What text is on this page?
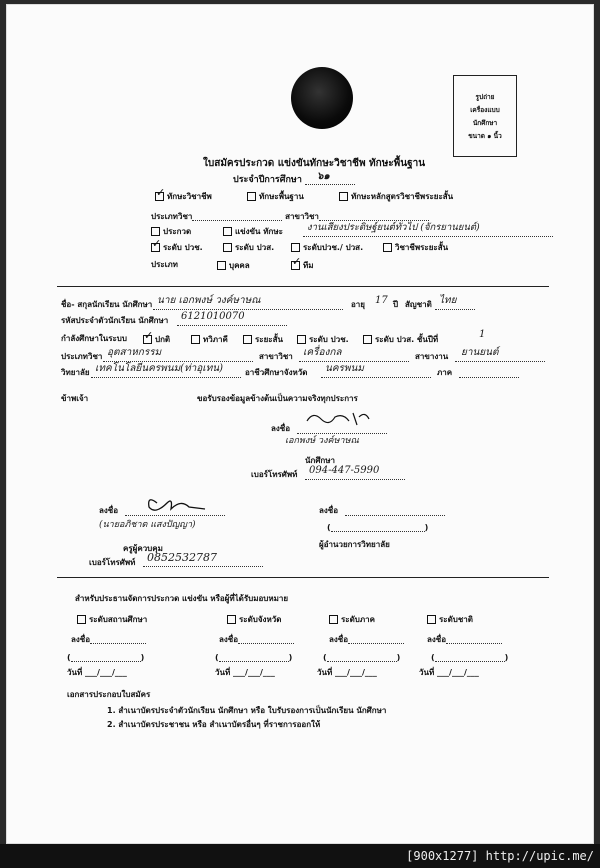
รูปถ่าย
เครื่องแบบ
นักศึกษา
ขนาด ๑ นิ้ว
ใบสมัครประกวด แข่งขันทักษะวิชาชีพ ทักษะพื้นฐาน
ประจำปีการศึกษา ๖๑
✓ทักษะวิชาชีพ	ทักษะพื้นฐาน	ทักษะหลักสูตรวิชาชีพระยะสั้น
ประเภทวิชา	สาขาวิชา
ประกวด	แข่งขัน ทักษะ	งานเสียงประดิษฐ์ยนต์ทั่วไป (จักรยานยนต์)
✓ระดับ ปวช.	ระดับ ปวส.	ระดับปวช./ ปวส.	วิชาชีพระยะสั้น
ประเภท	บุคคล ✓	ทีม
ชื่อ- สกุลนักเรียน นักศึกษา นาย เอกพงษ์ วงค์ษาษณ	อายุ 17 ปี สัญชาติ ไทย
รหัสประจำตัวนักเรียน นักศึกษา 6121010070
กำลังศึกษาในระบบ ✓	ปกติ	ทวิภาคี	ระยะสั้น	ระดับ ปวช.	ระดับ ปวส. ชั้นปีที่	1
ประเภทวิชา อุตสาหกรรม	สาขาวิชา เครื่องกล	สาขางาน ยานยนต์
วิทยาลัย เทคโนโลยีนครพนม(ท่าอุเทน)	อาชีวศึกษาจังหวัด นครพนม	ภาค
ข้าพเจ้า	ขอรับรองข้อมูลข้างต้นเป็นความจริงทุกประการ
ลงชื่อ
เอกพงษ์ วงค์ษาษณ
นักศึกษา
เบอร์โทรศัพท์ 094-447-5990
ลงชื่อ
(นายอภิชาต แสงปัญญา)
ครูผู้ควบคุม
เบอร์โทรศัพท์ 0852532787
ลงชื่อ
(	)
ผู้อำนวยการวิทยาลัย
สำหรับประธานจัดการประกวด แข่งขัน หรือผู้ที่ได้รับมอบหมาย
ระดับสถานศึกษา	ระดับจังหวัด	ระดับภาค	ระดับชาติ
ลงชื่อ	ลงชื่อ	ลงชื่อ	ลงชื่อ
(	)	(	)	(	)	(	)
วันที่ ___/___/___	วันที่ ___/___/___	วันที่ ___/___/___	วันที่ ___/___/___
เอกสารประกอบใบสมัคร
1. สำเนาบัตรประจำตัวนักเรียน นักศึกษา หรือ ใบรับรองการเป็นนักเรียน นักศึกษา
2. สำเนาบัตรประชาชน หรือ สำเนาบัตรอื่นๆ ที่ราชการออกให้
[900x1277] http://upic.me/
